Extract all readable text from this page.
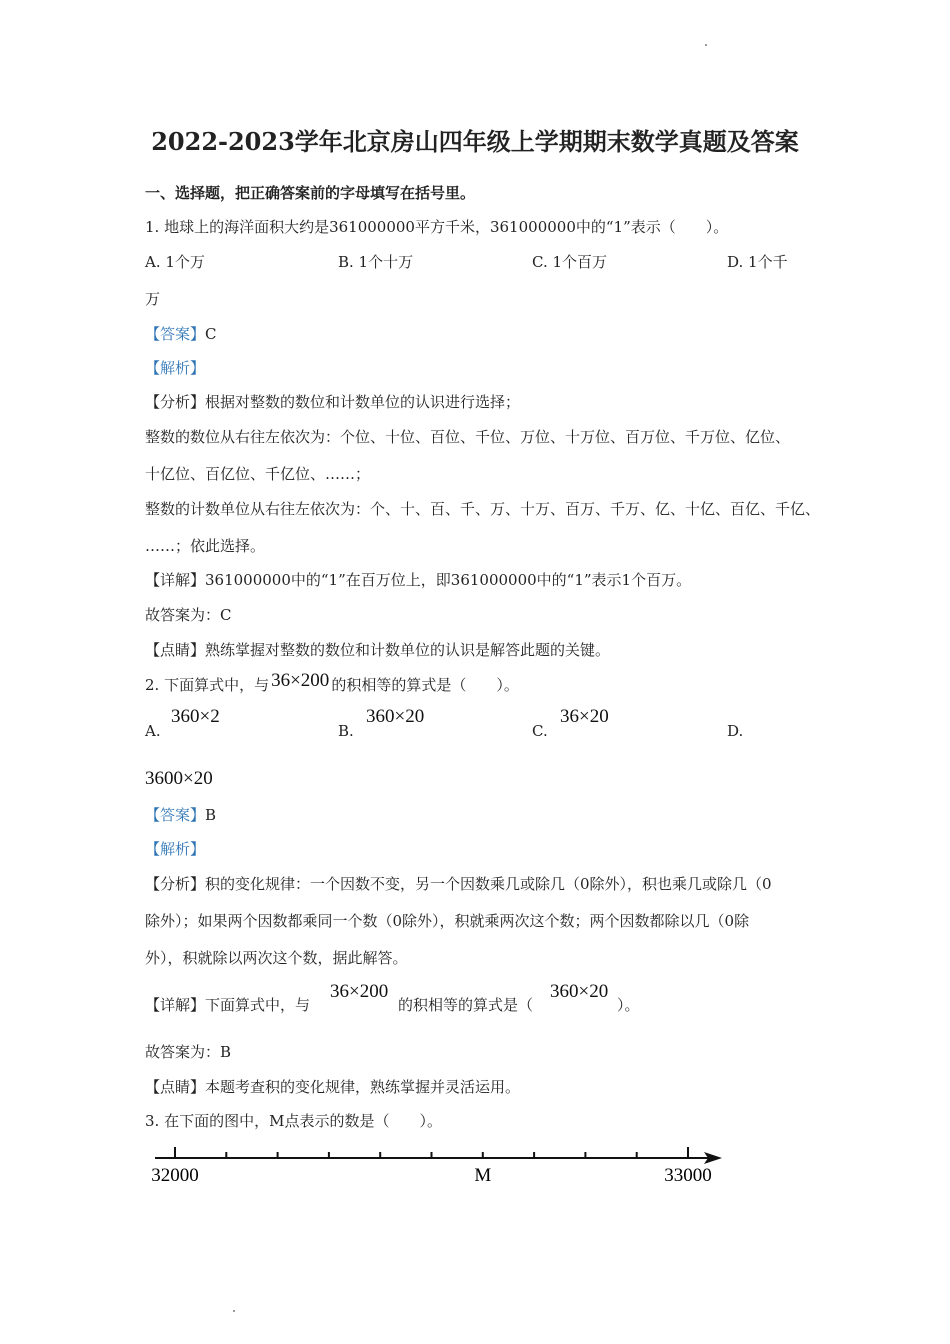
2022-2023学年北京房山四年级上学期期末数学真题及答案
一、选择题，把正确答案前的字母填写在括号里。
1. 地球上的海洋面积大约是361000000平方千米，361000000中的“1”表示（　　）。
A. 1个万	B. 1个十万	C. 1个百万	D. 1个千
万
【答案】C
【解析】
【分析】根据对整数的数位和计数单位的认识进行选择；
整数的数位从右往左依次为：个位、十位、百位、千位、万位、十万位、百万位、千万位、亿位、
十亿位、百亿位、千亿位、……；
整数的计数单位从右往左依次为：个、十、百、千、万、十万、百万、千万、亿、十亿、百亿、千亿、
……；依此选择。
【详解】361000000中的“1”在百万位上，即361000000中的“1”表示1个百万。
故答案为：C
【点睛】熟练掌握对整数的数位和计数单位的认识是解答此题的关键。
2. 下面算式中，与 36×200 的积相等的算式是（　　）。
A.
360×2
B.
360×20
C.
36×20
D.
3600×20
【答案】B
【解析】
【分析】积的变化规律：一个因数不变，另一个因数乘几或除几（0除外），积也乘几或除几（0
除外）；如果两个因数都乘同一个数（0除外），积就乘两次这个数；两个因数都除以几（0除
外），积就除以两次这个数，据此解答。
【详解】下面算式中，与
36×200
的积相等的算式是（
360×20
）。
故答案为：B
【点睛】本题考查积的变化规律，熟练掌握并灵活运用。
3. 在下面的图中，M点表示的数是（　　）。
32000	33000
M
